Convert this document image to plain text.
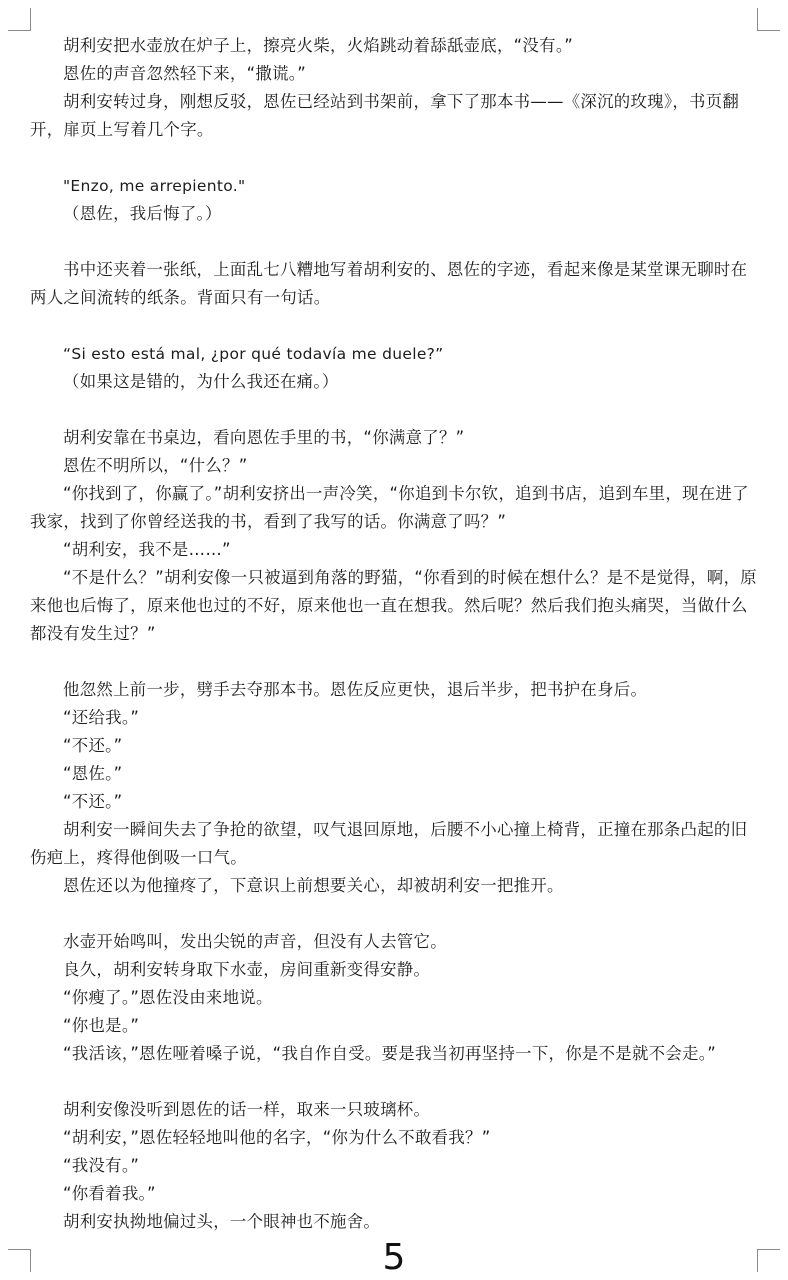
胡利安把水壶放在炉子上，擦亮火柴，火焰跳动着舔舐壶底，“没有。”

恩佐的声音忽然轻下来，“撒谎。”

胡利安转过身，刚想反驳，恩佐已经站到书架前，拿下了那本书——《深沉的玫瑰》，书页翻开，扉页上写着几个字。

"Enzo, me arrepiento."

（恩佐，我后悔了。）

书中还夹着一张纸，上面乱七八糟地写着胡利安的、恩佐的字迹，看起来像是某堂课无聊时在两人之间流转的纸条。背面只有一句话。

“Si esto está mal, ¿por qué todavía me duele?”

（如果这是错的，为什么我还在痛。）

胡利安靠在书桌边，看向恩佐手里的书，“你满意了？”

恩佐不明所以，“什么？”

“你找到了，你赢了。”胡利安挤出一声冷笑，“你追到卡尔钦，追到书店，追到车里，现在进了我家，找到了你曾经送我的书，看到了我写的话。你满意了吗？”

“胡利安，我不是……”

“不是什么？”胡利安像一只被逼到角落的野猫，“你看到的时候在想什么？是不是觉得，啊，原来他也后悔了，原来他也过的不好，原来他也一直在想我。然后呢？然后我们抱头痛哭，当做什么都没有发生过？”

他忽然上前一步，劈手去夺那本书。恩佐反应更快，退后半步，把书护在身后。

“还给我。”

“不还。”

“恩佐。”

“不还。”

胡利安一瞬间失去了争抢的欲望，叹气退回原地，后腰不小心撞上椅背，正撞在那条凸起的旧伤疤上，疼得他倒吸一口气。

恩佐还以为他撞疼了，下意识上前想要关心，却被胡利安一把推开。

水壶开始鸣叫，发出尖锐的声音，但没有人去管它。

良久，胡利安转身取下水壶，房间重新变得安静。

“你瘦了。”恩佐没由来地说。

“你也是。”

“我活该，”恩佐哑着嗓子说，“我自作自受。要是我当初再坚持一下，你是不是就不会走。”

胡利安像没听到恩佐的话一样，取来一只玻璃杯。

“胡利安，”恩佐轻轻地叫他的名字，“你为什么不敢看我？”

“我没有。”

“你看着我。”

胡利安执拗地偏过头，一个眼神也不施舍。

5
